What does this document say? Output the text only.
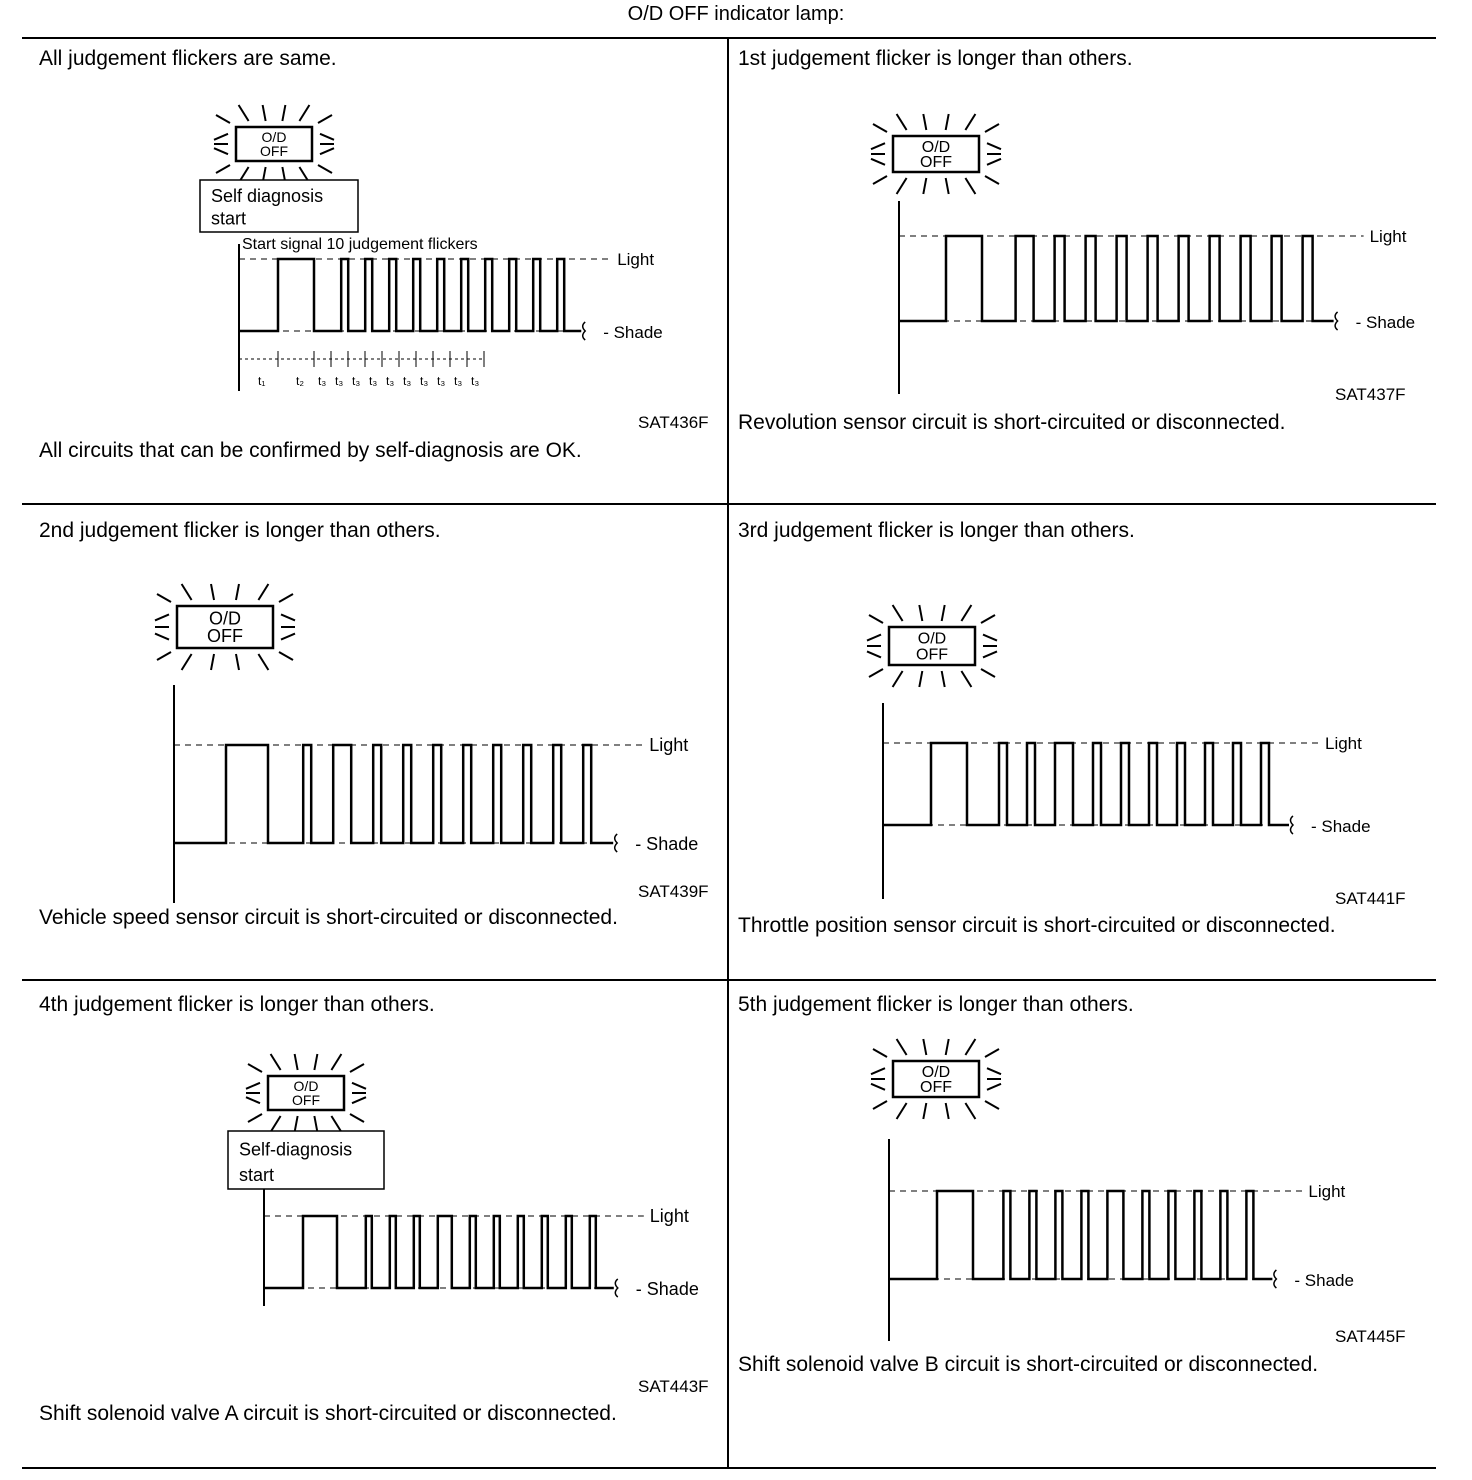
O/D OFF indicator lamp:
All judgement flickers are same.
O/D
OFF
Self diagnosis
start
Start signal 10 judgement flickers
Light
- Shade
t₁	t₂ t₃ t₃ t₃ t₃ t₃ t₃ t₃ t₃ t₃ t₃
SAT436F
All circuits that can be confirmed by self-diagnosis are OK.
1st judgement flicker is longer than others.
O/D
OFF
Light
- Shade
SAT437F
Revolution sensor circuit is short-circuited or disconnected.
2nd judgement flicker is longer than others.
O/D
OFF
Light
- Shade
SAT439F
Vehicle speed sensor circuit is short-circuited or disconnected.
3rd judgement flicker is longer than others.
O/D
OFF
Light
- Shade
SAT441F
Throttle position sensor circuit is short-circuited or disconnected.
4th judgement flicker is longer than others.
O/D
OFF
Self-diagnosis
start
Light
- Shade
SAT443F
Shift solenoid valve A circuit is short-circuited or disconnected.
5th judgement flicker is longer than others.
O/D
OFF
Light
- Shade
SAT445F
Shift solenoid valve B circuit is short-circuited or disconnected.
